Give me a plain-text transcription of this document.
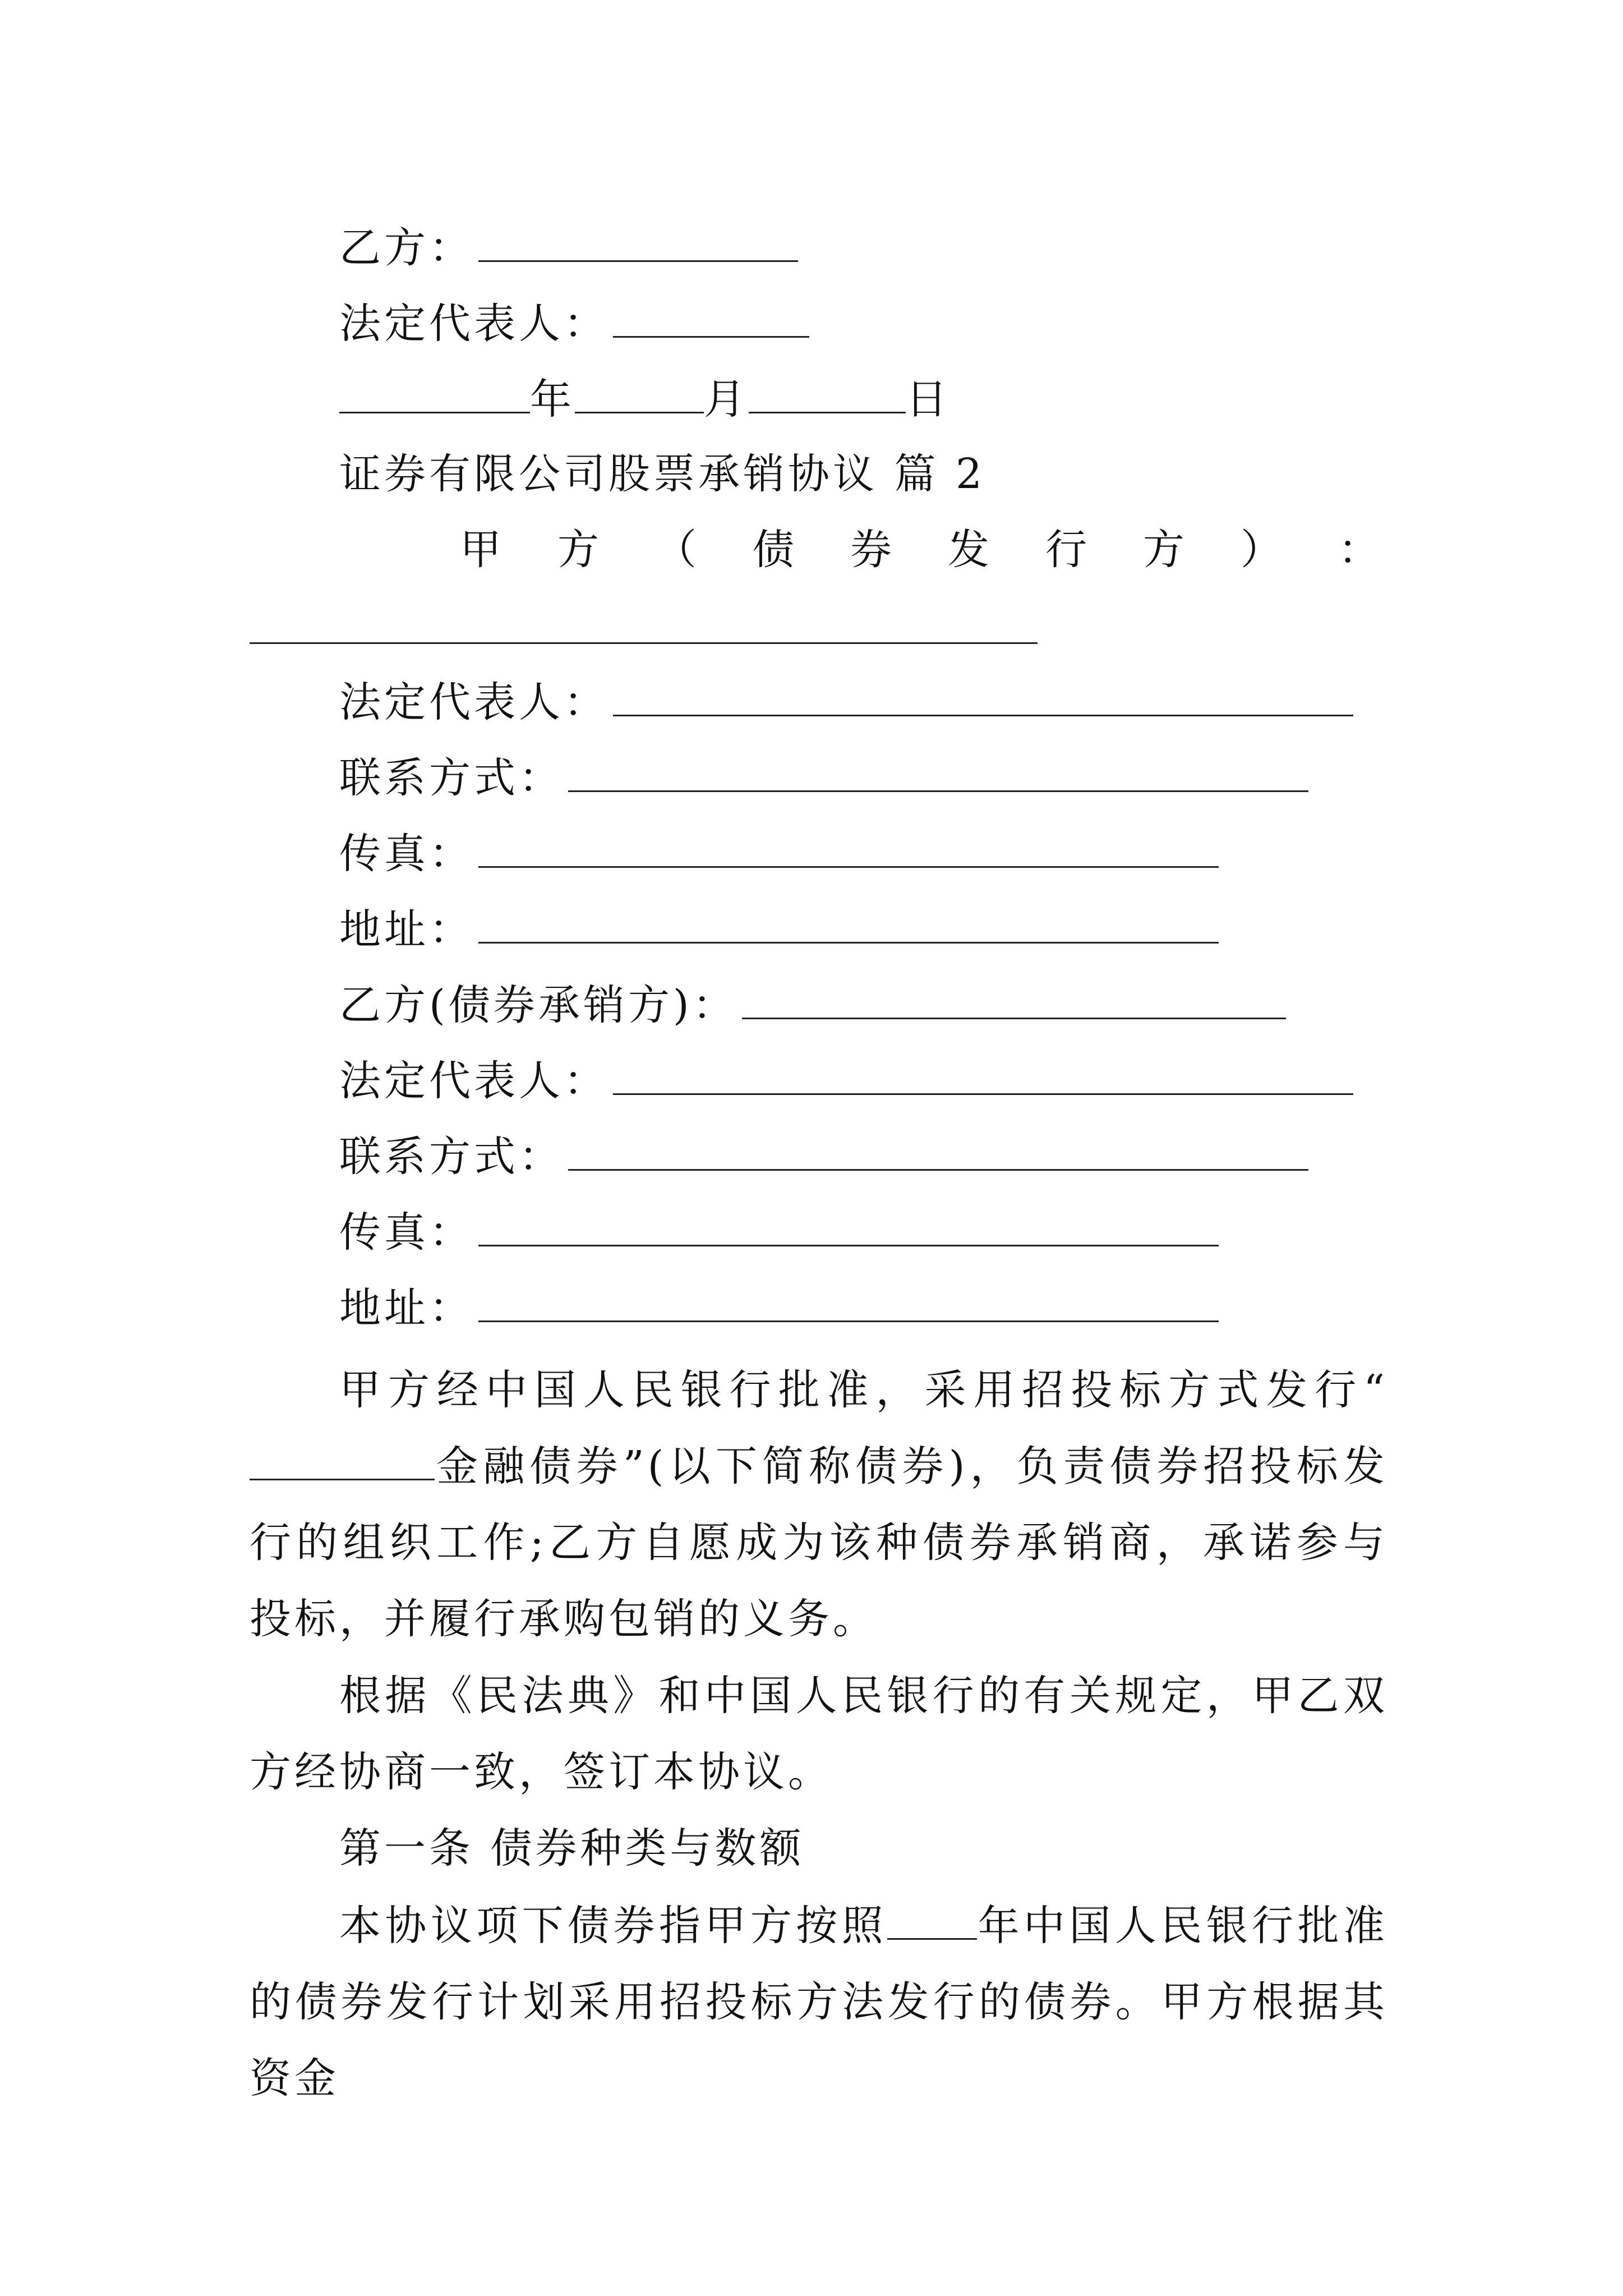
乙方：
法定代表人：
年	月	日
证券有限公司股票承销协议 篇 2
甲 方 （ 债 券 发 行 方 ） ：
法定代表人：
联系方式：
传真：
地址：
乙方(债券承销方)：
法定代表人：
联系方式：
传真：
地址：
甲方经中国人民银行批准，采用招投标方式发行“金融债券”(以下简称债券)，负责债券招投标发行的组织工作;乙方自愿成为该种债券承销商，承诺参与投标，并履行承购包销的义务。
根据《民法典》和中国人民银行的有关规定，甲乙双方经协商一致，签订本协议。
第一条 债券种类与数额
本协议项下债券指甲方按照 年中国人民银行批准的债券发行计划采用招投标方法发行的债券。甲方根据其资金
